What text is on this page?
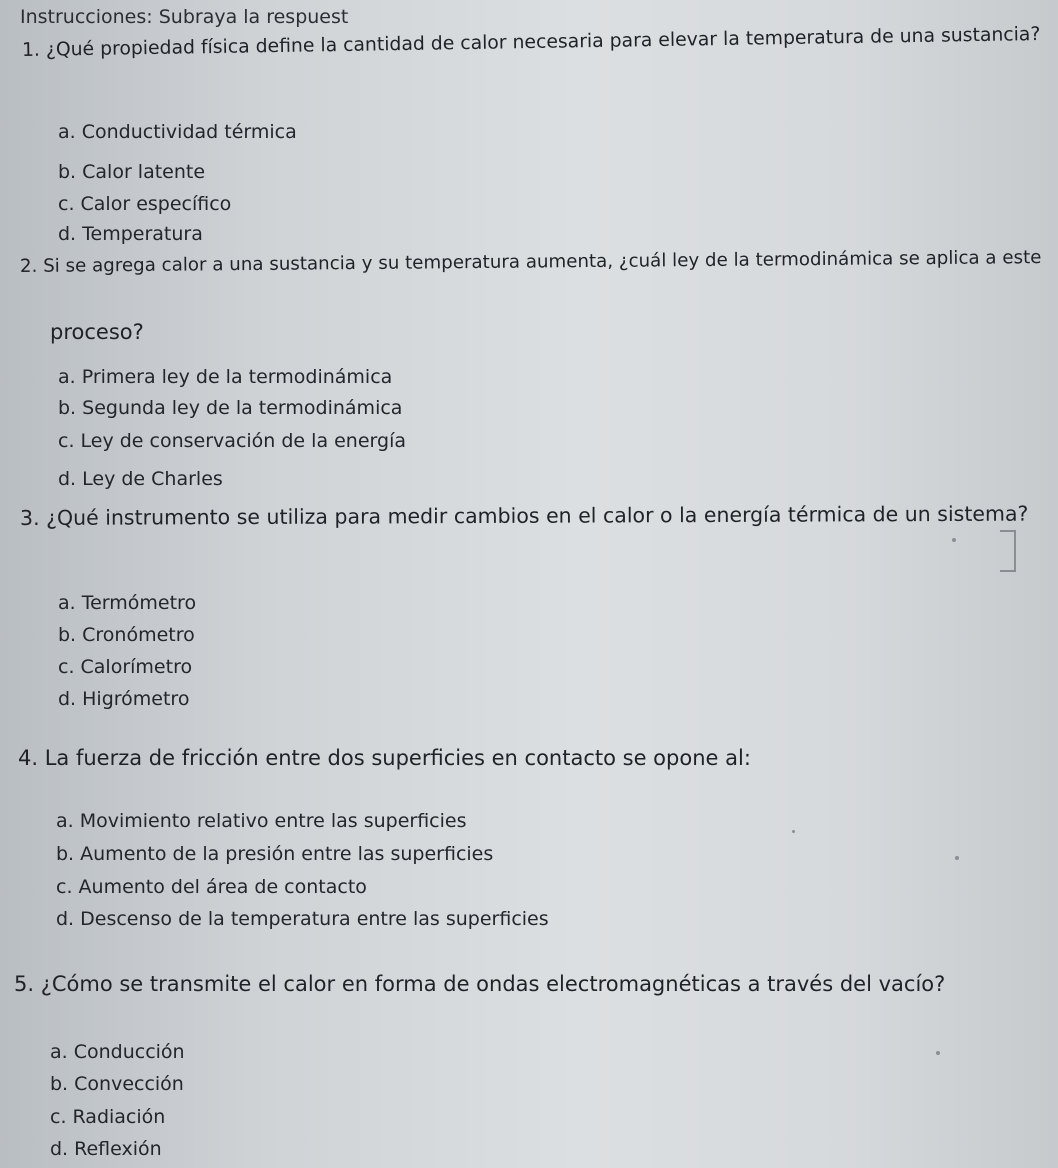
Instrucciones: Subraya la respuest
1. ¿Qué propiedad física define la cantidad de calor necesaria para elevar la temperatura de una sustancia?
a. Conductividad térmica
b. Calor latente
c. Calor específico
d. Temperatura
2. Si se agrega calor a una sustancia y su temperatura aumenta, ¿cuál ley de la termodinámica se aplica a este
proceso?
a. Primera ley de la termodinámica
b. Segunda ley de la termodinámica
c. Ley de conservación de la energía
d. Ley de Charles
3. ¿Qué instrumento se utiliza para medir cambios en el calor o la energía térmica de un sistema?
a. Termómetro
b. Cronómetro
c. Calorímetro
d. Higrómetro
4. La fuerza de fricción entre dos superficies en contacto se opone al:
a. Movimiento relativo entre las superficies
b. Aumento de la presión entre las superficies
c. Aumento del área de contacto
d. Descenso de la temperatura entre las superficies
5. ¿Cómo se transmite el calor en forma de ondas electromagnéticas a través del vacío?
a. Conducción
b. Convección
c. Radiación
d. Reflexión
